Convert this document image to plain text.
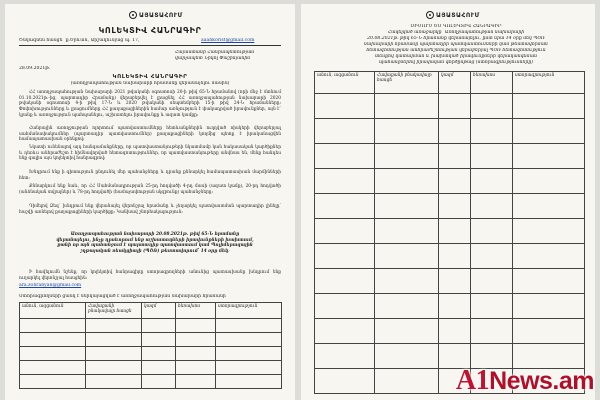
ԱՅԱՏԱՀՈՒՄ
ԿՈԼԵԿՏԻՎ ՀԱՆՐԱԳԻՐ
Ծնկագնեն հասցե՝ ք.Երևան, Արշակունյաց պ. 17,	aaahkorist@gmail.com
Հայաստանի Հանրապետության
վարչապետ Նիկոլ Փաշինյանին
28.09.2021թ.
ԿՈԼԵԿՏԻՎ ՀԱՆՐԱԳԻՐ
(առողջապահության նախարարի հրամանը վերանայելու մասին)
ՀՀ առողջապահության նախարարի 2021 թվականի օգոստոսի 20-ի թիվ 65-Ն հրամանով (որի մեջ է մտնում 01.10.2021թ.-ից, պարտադիր Հրամանը) վերաբերվել է լրացնել ՀՀ առողջապահության նախարարի 2020 թվականի օգոստոսի 4-ի թիվ 17-Ն և 2020 թվականի սեպտեմբերի 15-ի թիվ 24-Ն հրամանները։ Փոփոխությունները և լրացումները ՀՀ քաղաքացիներին համար առնչություն է փակադրված իրավունքներ, այն է՝ կյանք և առողջություն պահպանելու, աշխատելու իրավունքը և ազատ կամքը։
Հանրային առողջության ոլորտում պատվաստումները հետևանքներին ուղղված ռիսկերի վերաբերյալ սահմանափակումներ (պարտադիր պատվաստումներ) քաղաքացիների կողմից պետք է իրականացվեն համապատասխան օրենքով։
Նկատի ունենալով այդ հանգամանքները, որ պատվաստանյութերի նկատմամբ կան հակասական կարծիքներ և դեռևս անհրաժեշտ է հիմնավորված հետազոտություններ, որ պատվաստանյութերը անվնաս են, մենք հանդես ենք գալիս այս կոլեկտիվ հանրագրով։
Խնդրում ենք ի գիտություն ընդունել մեր պահանջները և դրանք քննարկել համապատասխան մարմինների հետ։
Քննարկում ենք նաև, որ ՀՀ Սահմանադրության 25-րդ հոդվածի 4-րդ մասի (ազատ կամք), 20-րդ հոդվածի (անձնական տվյալներ) և 78-րդ հոդվածի (համաչափության սկզբունք) պահանջները։
Դիմելով Ձեզ՝ խնդրում ենք վերանայել վերոնշյալ հրամանը և չեղարկել պատվաստման պարտադիր լինելը՝ հաշվի առնելով քաղաքացիների կարծիքը։ Կանխավ շնորհակալություն։
Առողջապահության նախարարի 20.08.2021թ. թիվ 65-Ն հրամանը վերանայելու, ինչը դրսևորում ենք աշխատողների իրավունքների խախտում, քանի որ այն պահանջում է պարտադիր պատվաստում կամ Պոլիմերազային շղթայական ռեակցիայի (ՊՇՌ) թեստավորում՝ 14 օրը մեկ։
Ի հավելումն նշենք, որ կոլեկտիվ հանրագիրը ստորագրողների անունից պատասխանը խնդրում ենք ուղարկել վերոնշյալ հասցեին։
ara.zohrabyan@gmail.com
Ստորագրողների ցանկ է ներկայացված է առողջապահության նախարարի հրամանի
անուն, ազգանուն	Հավաքանի բնակավայր հասցե	կազմ	հեռախոս	ստորագրություն

ԱՅԱՏԱՀՈՒՄ
ՍԻՄՈՒՄ ԵՍ ԿՈԼԵԿՏԻՎ ՀԱՆՐԱԳԻՐ
Հավելված առաջարկը՝ Առողջապահության նախարարի
20.08.2021թ. թիվ 65-Ն հրամանը վերանայելու, ըստ նրա 14 օրը մեկ ՊՇՌ
նախարարի հրամանը պարտադիր պատվաստումների կամ թեստավորման
հետազոտության անհրաժեշտության վերաբերյալ ՊՇՌ հետազոտություն
տեսքով կատարման և խախտված իրավունքների վերականգնման
պահանջներով իրավական գործընթաց (ստորագրությունները)
անուն, ազգանուն	Հավաքանի բնակավայր հասցե	կազմ	հեռախոս	ստորագրություն

A1News.am
